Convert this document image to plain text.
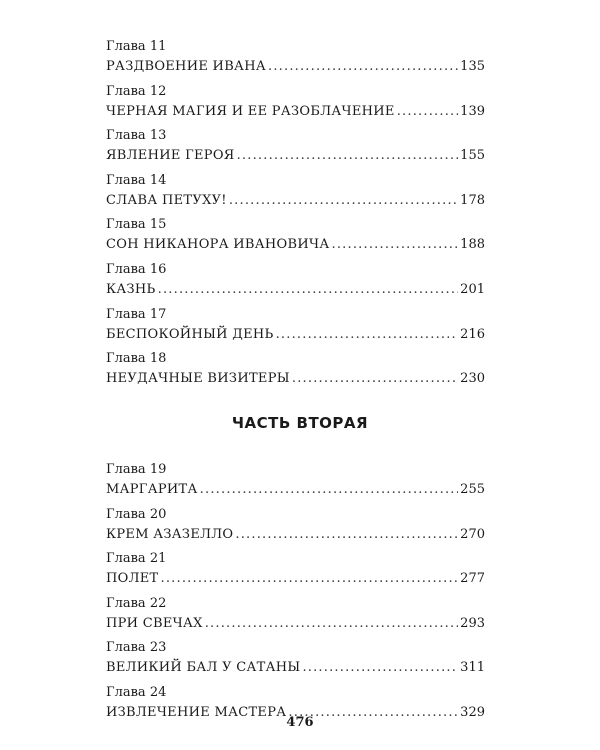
Глава 11
РАЗДВОЕНИЕ ИВАНА .....	135
Глава 12
ЧЕРНАЯ МАГИЯ И ЕЕ РАЗОБЛАЧЕНИЕ .....	139
Глава 13
ЯВЛЕНИЕ ГЕРОЯ .....	155
Глава 14
СЛАВА ПЕТУХУ! .....	178
Глава 15
СОН НИКАНОРА ИВАНОВИЧА .....	188
Глава 16
КАЗНЬ .....	201
Глава 17
БЕСПОКОЙНЫЙ ДЕНЬ .....	216
Глава 18
НЕУДАЧНЫЕ ВИЗИТЕРЫ .....	230
ЧАСТЬ ВТОРАЯ
Глава 19
МАРГАРИТА .....	255
Глава 20
КРЕМ АЗАЗЕЛЛО .....	270
Глава 21
ПОЛЕТ .....	277
Глава 22
ПРИ СВЕЧАХ .....	293
Глава 23
ВЕЛИКИЙ БАЛ У САТАНЫ .....	311
Глава 24
ИЗВЛЕЧЕНИЕ МАСТЕРА .....	329
476
